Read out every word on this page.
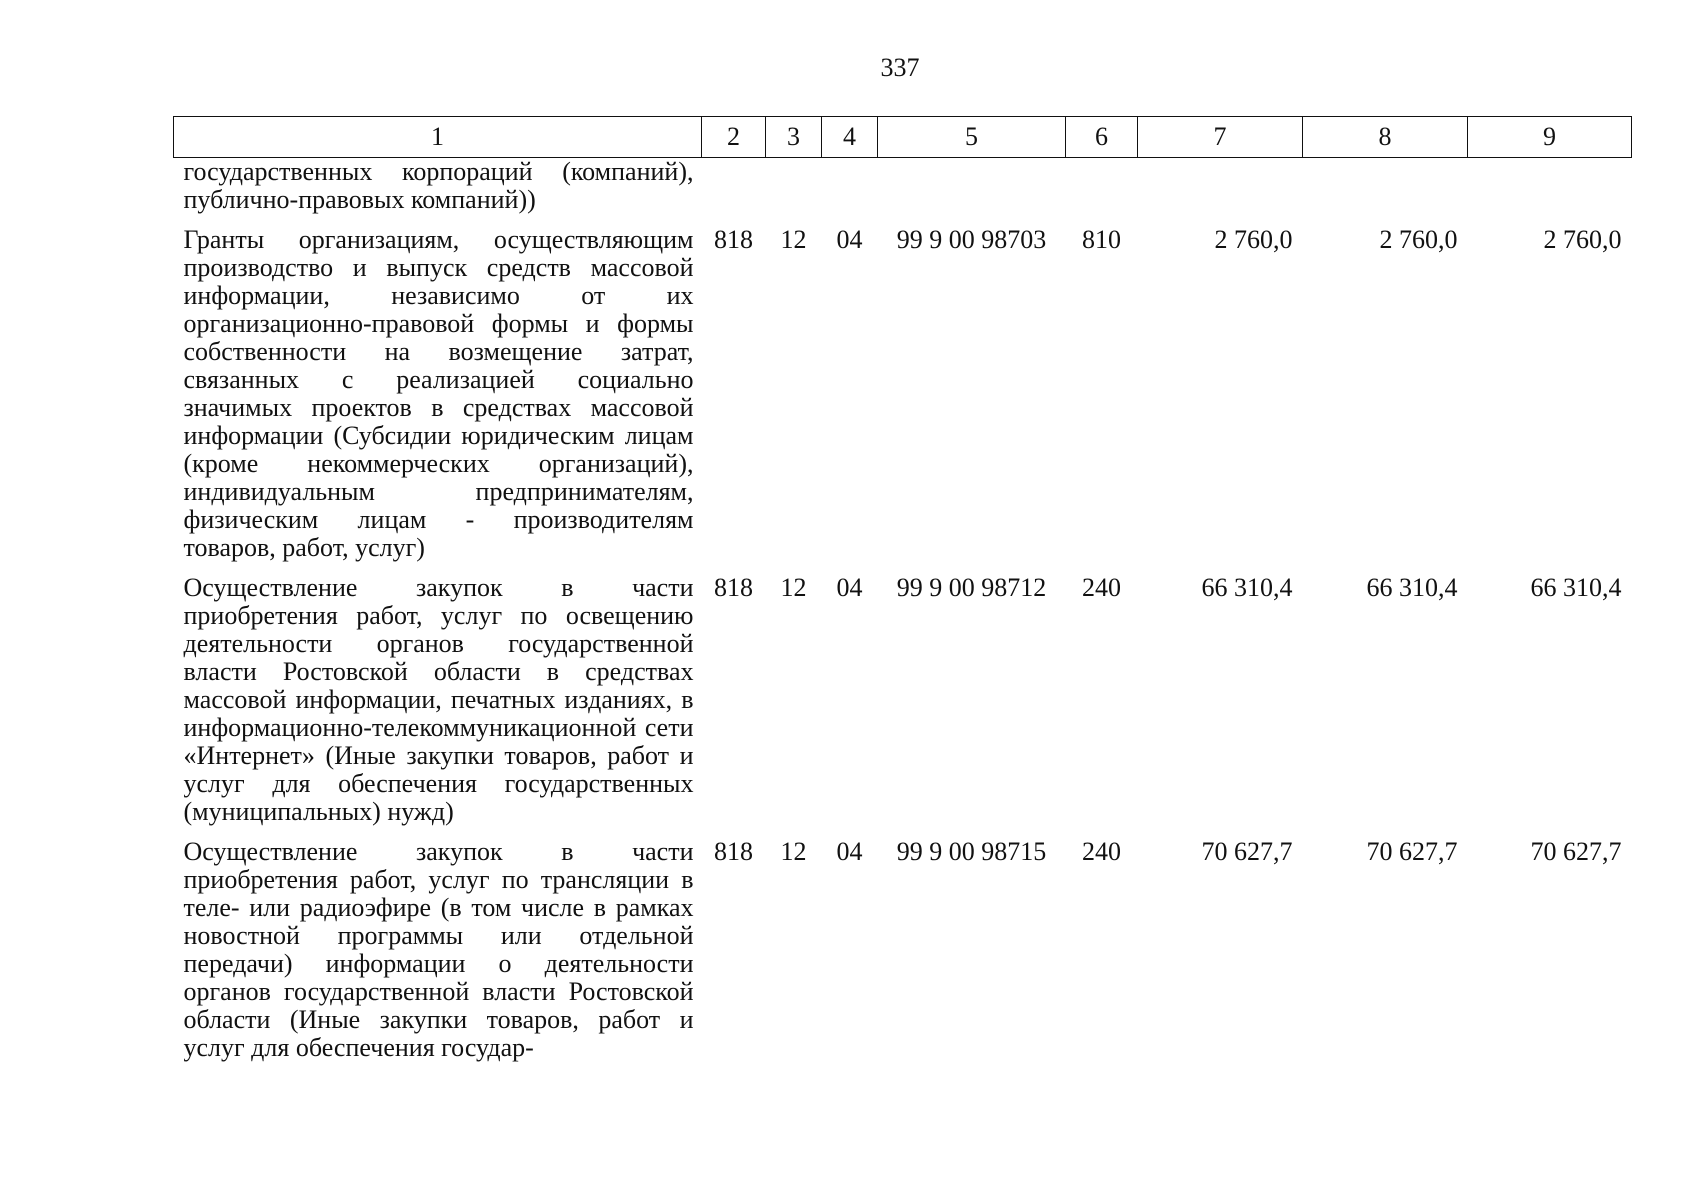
337
1	2	3	4	5	6	7	8	9
государственных корпораций (компаний), публично-правовых компаний))								
Гранты организациям, осуществляющим производство и выпуск средств массовой информации, независимо от их организационно-правовой формы и формы собственности на возмещение затрат, связанных с реализацией социально значимых проектов в средствах массовой информации (Субсидии юридическим лицам (кроме некоммерческих организаций), индивидуальным предпринимателям, физическим лицам - производителям товаров, работ, услуг)	818	12	04	99 9 00 98703	810	2 760,0	2 760,0	2 760,0
Осуществление закупок в части приобретения работ, услуг по освещению деятельности органов государственной власти Ростовской области в средствах массовой информации, печатных изданиях, в информационно-телекоммуникационной сети «Интернет» (Иные закупки товаров, работ и услуг для обеспечения государственных (муниципальных) нужд)	818	12	04	99 9 00 98712	240	66 310,4	66 310,4	66 310,4
Осуществление закупок в части приобретения работ, услуг по трансляции в теле- или радиоэфире (в том числе в рамках новостной программы или отдельной передачи) информации о деятельности органов государственной власти Ростовской области (Иные закупки товаров, работ и услуг для обеспечения государ-	818	12	04	99 9 00 98715	240	70 627,7	70 627,7	70 627,7
